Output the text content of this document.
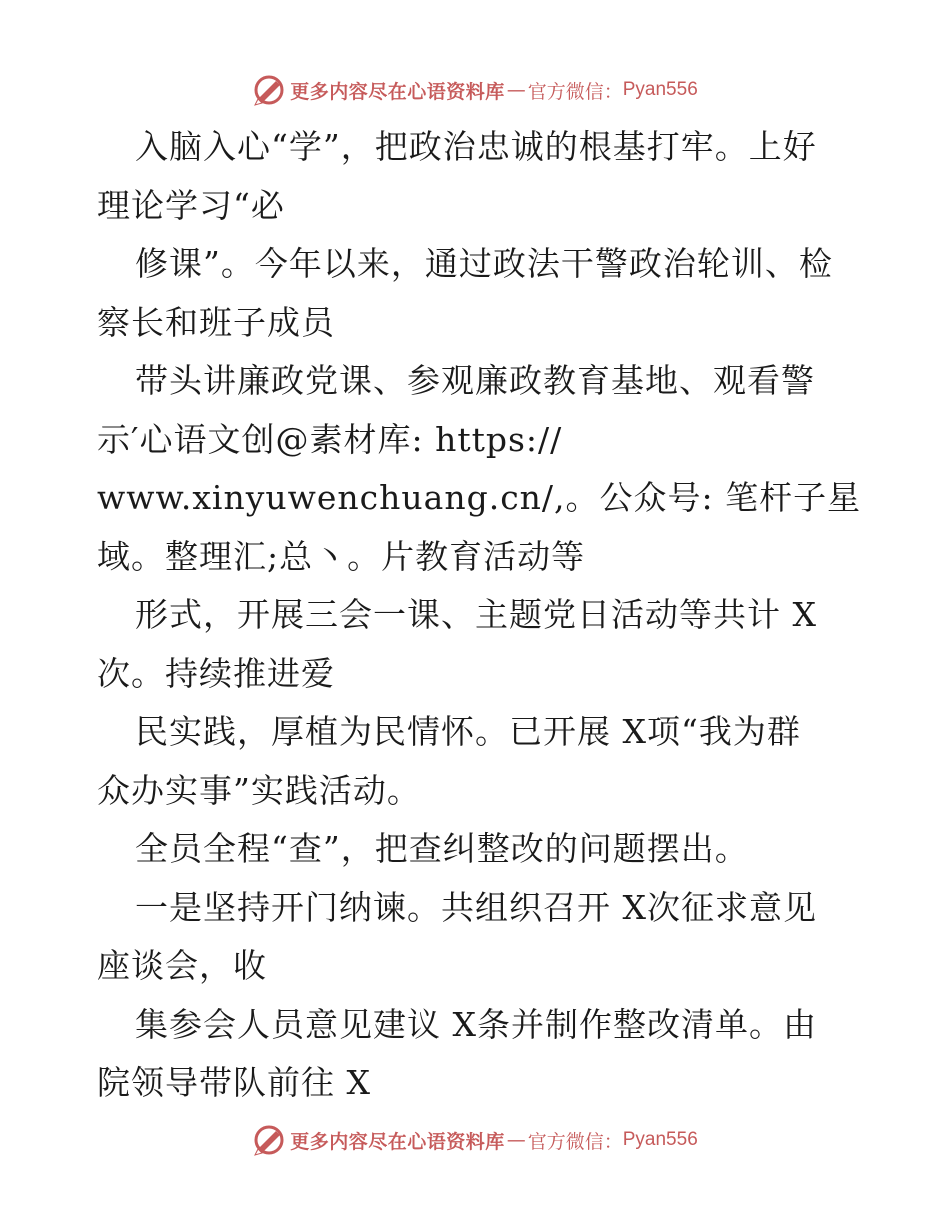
更多内容尽在心语资料库 — 官方微信： Pyan556
入脑入心“学”，把政治忠诚的根基打牢。上好
理论学习“必
修课”。今年以来，通过政法干警政治轮训、检
察长和班子成员
带头讲廉政党课、参观廉政教育基地、观看警
示′心语文创@素材库: https://
www.xinyuwenchuang.cn/,。公众号: 笔杆子星
域。整理汇;总丶。片教育活动等
形式，开展三会一课、主题党日活动等共计 X
次。持续推进爱
民实践，厚植为民情怀。已开展 X项“我为群
众办实事”实践活动。
全员全程“查”，把查纠整改的问题摆出。
一是坚持开门纳谏。共组织召开 X次征求意见
座谈会，收
集参会人员意见建议 X条并制作整改清单。由
院领导带队前往 X
更多内容尽在心语资料库 — 官方微信： Pyan556
